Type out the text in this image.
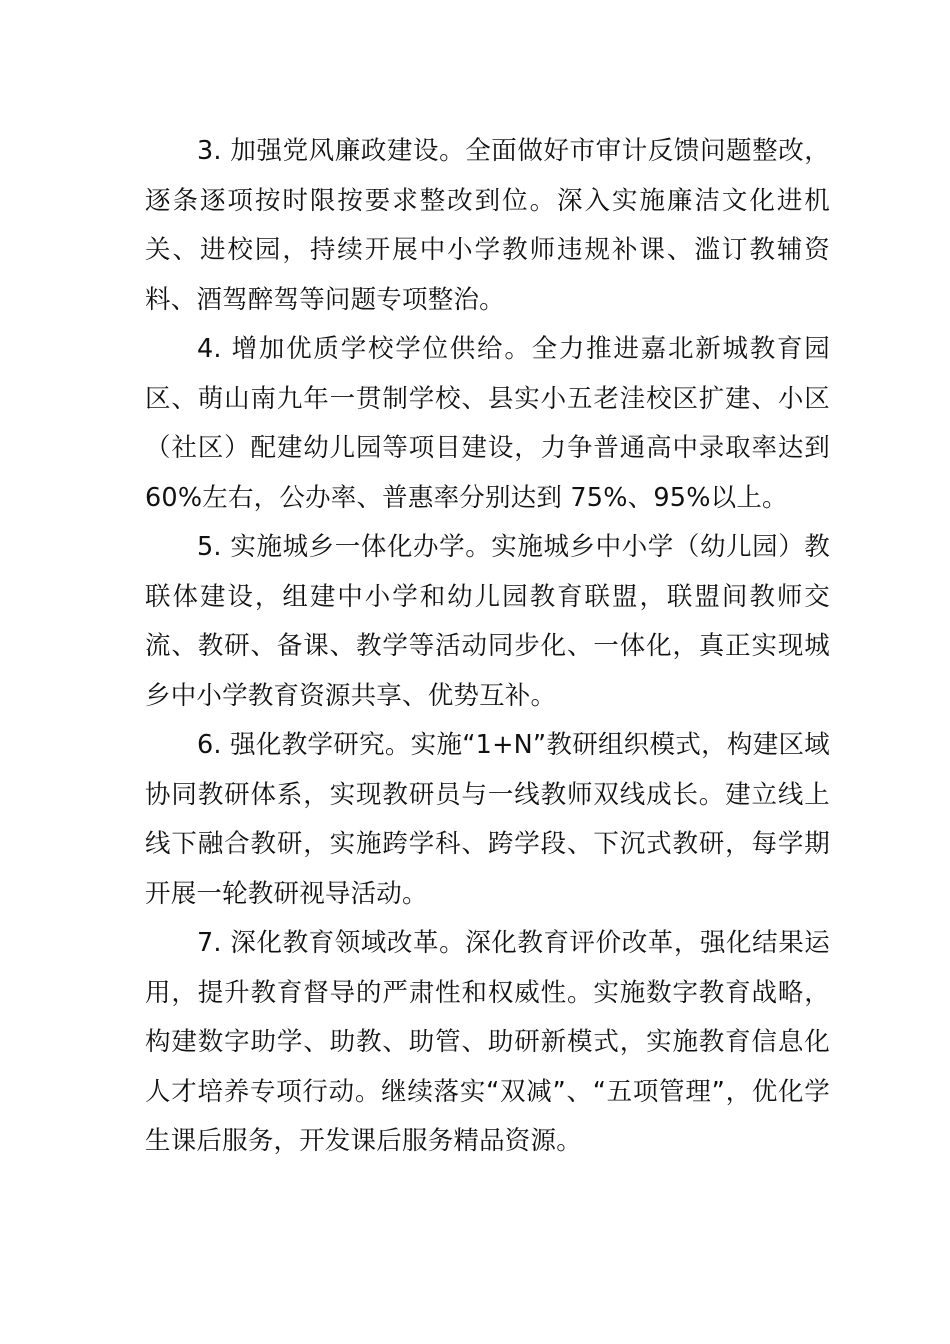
3. 加强党风廉政建设。全面做好市审计反馈问题整改，逐条逐项按时限按要求整改到位。深入实施廉洁文化进机关、进校园，持续开展中小学教师违规补课、滥订教辅资料、酒驾醉驾等问题专项整治。

4. 增加优质学校学位供给。全力推进嘉北新城教育园区、萌山南九年一贯制学校、县实小五老洼校区扩建、小区（社区）配建幼儿园等项目建设，力争普通高中录取率达到 60%左右，公办率、普惠率分别达到 75%、95%以上。

5. 实施城乡一体化办学。实施城乡中小学（幼儿园）教联体建设，组建中小学和幼儿园教育联盟，联盟间教师交流、教研、备课、教学等活动同步化、一体化，真正实现城乡中小学教育资源共享、优势互补。

6. 强化教学研究。实施“1+N”教研组织模式，构建区域协同教研体系，实现教研员与一线教师双线成长。建立线上线下融合教研，实施跨学科、跨学段、下沉式教研，每学期开展一轮教研视导活动。

7. 深化教育领域改革。深化教育评价改革，强化结果运用，提升教育督导的严肃性和权威性。实施数字教育战略，构建数字助学、助教、助管、助研新模式，实施教育信息化人才培养专项行动。继续落实“双减”、“五项管理”，优化学生课后服务，开发课后服务精品资源。
